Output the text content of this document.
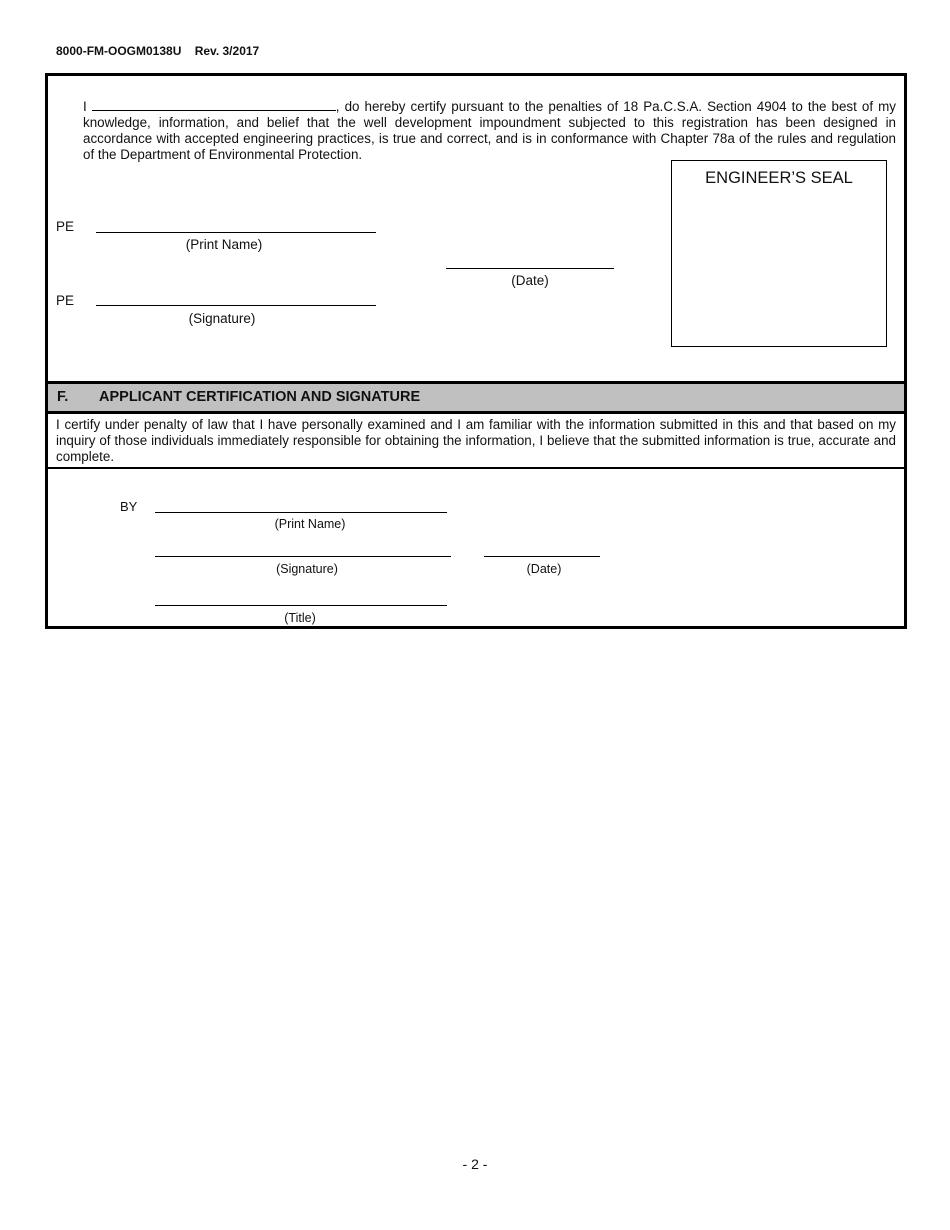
8000-FM-OOGM0138U Rev. 3/2017
I	, do hereby certify pursuant to the penalties of 18 Pa.C.S.A. Section 4904 to the best of my knowledge, information, and belief that the well development impoundment subjected to this registration has been designed in accordance with accepted engineering practices, is true and correct, and is in conformance with Chapter 78a of the rules and regulation of the Department of Environmental Protection.
PE
(Print Name)
(Date)
PE
(Signature)
ENGINEER’S SEAL
F. APPLICANT CERTIFICATION AND SIGNATURE
I certify under penalty of law that I have personally examined and I am familiar with the information submitted in this and that based on my inquiry of those individuals immediately responsible for obtaining the information, I believe that the submitted information is true, accurate and complete.
BY
(Print Name)
(Signature)	(Date)
(Title)
- 2 -
